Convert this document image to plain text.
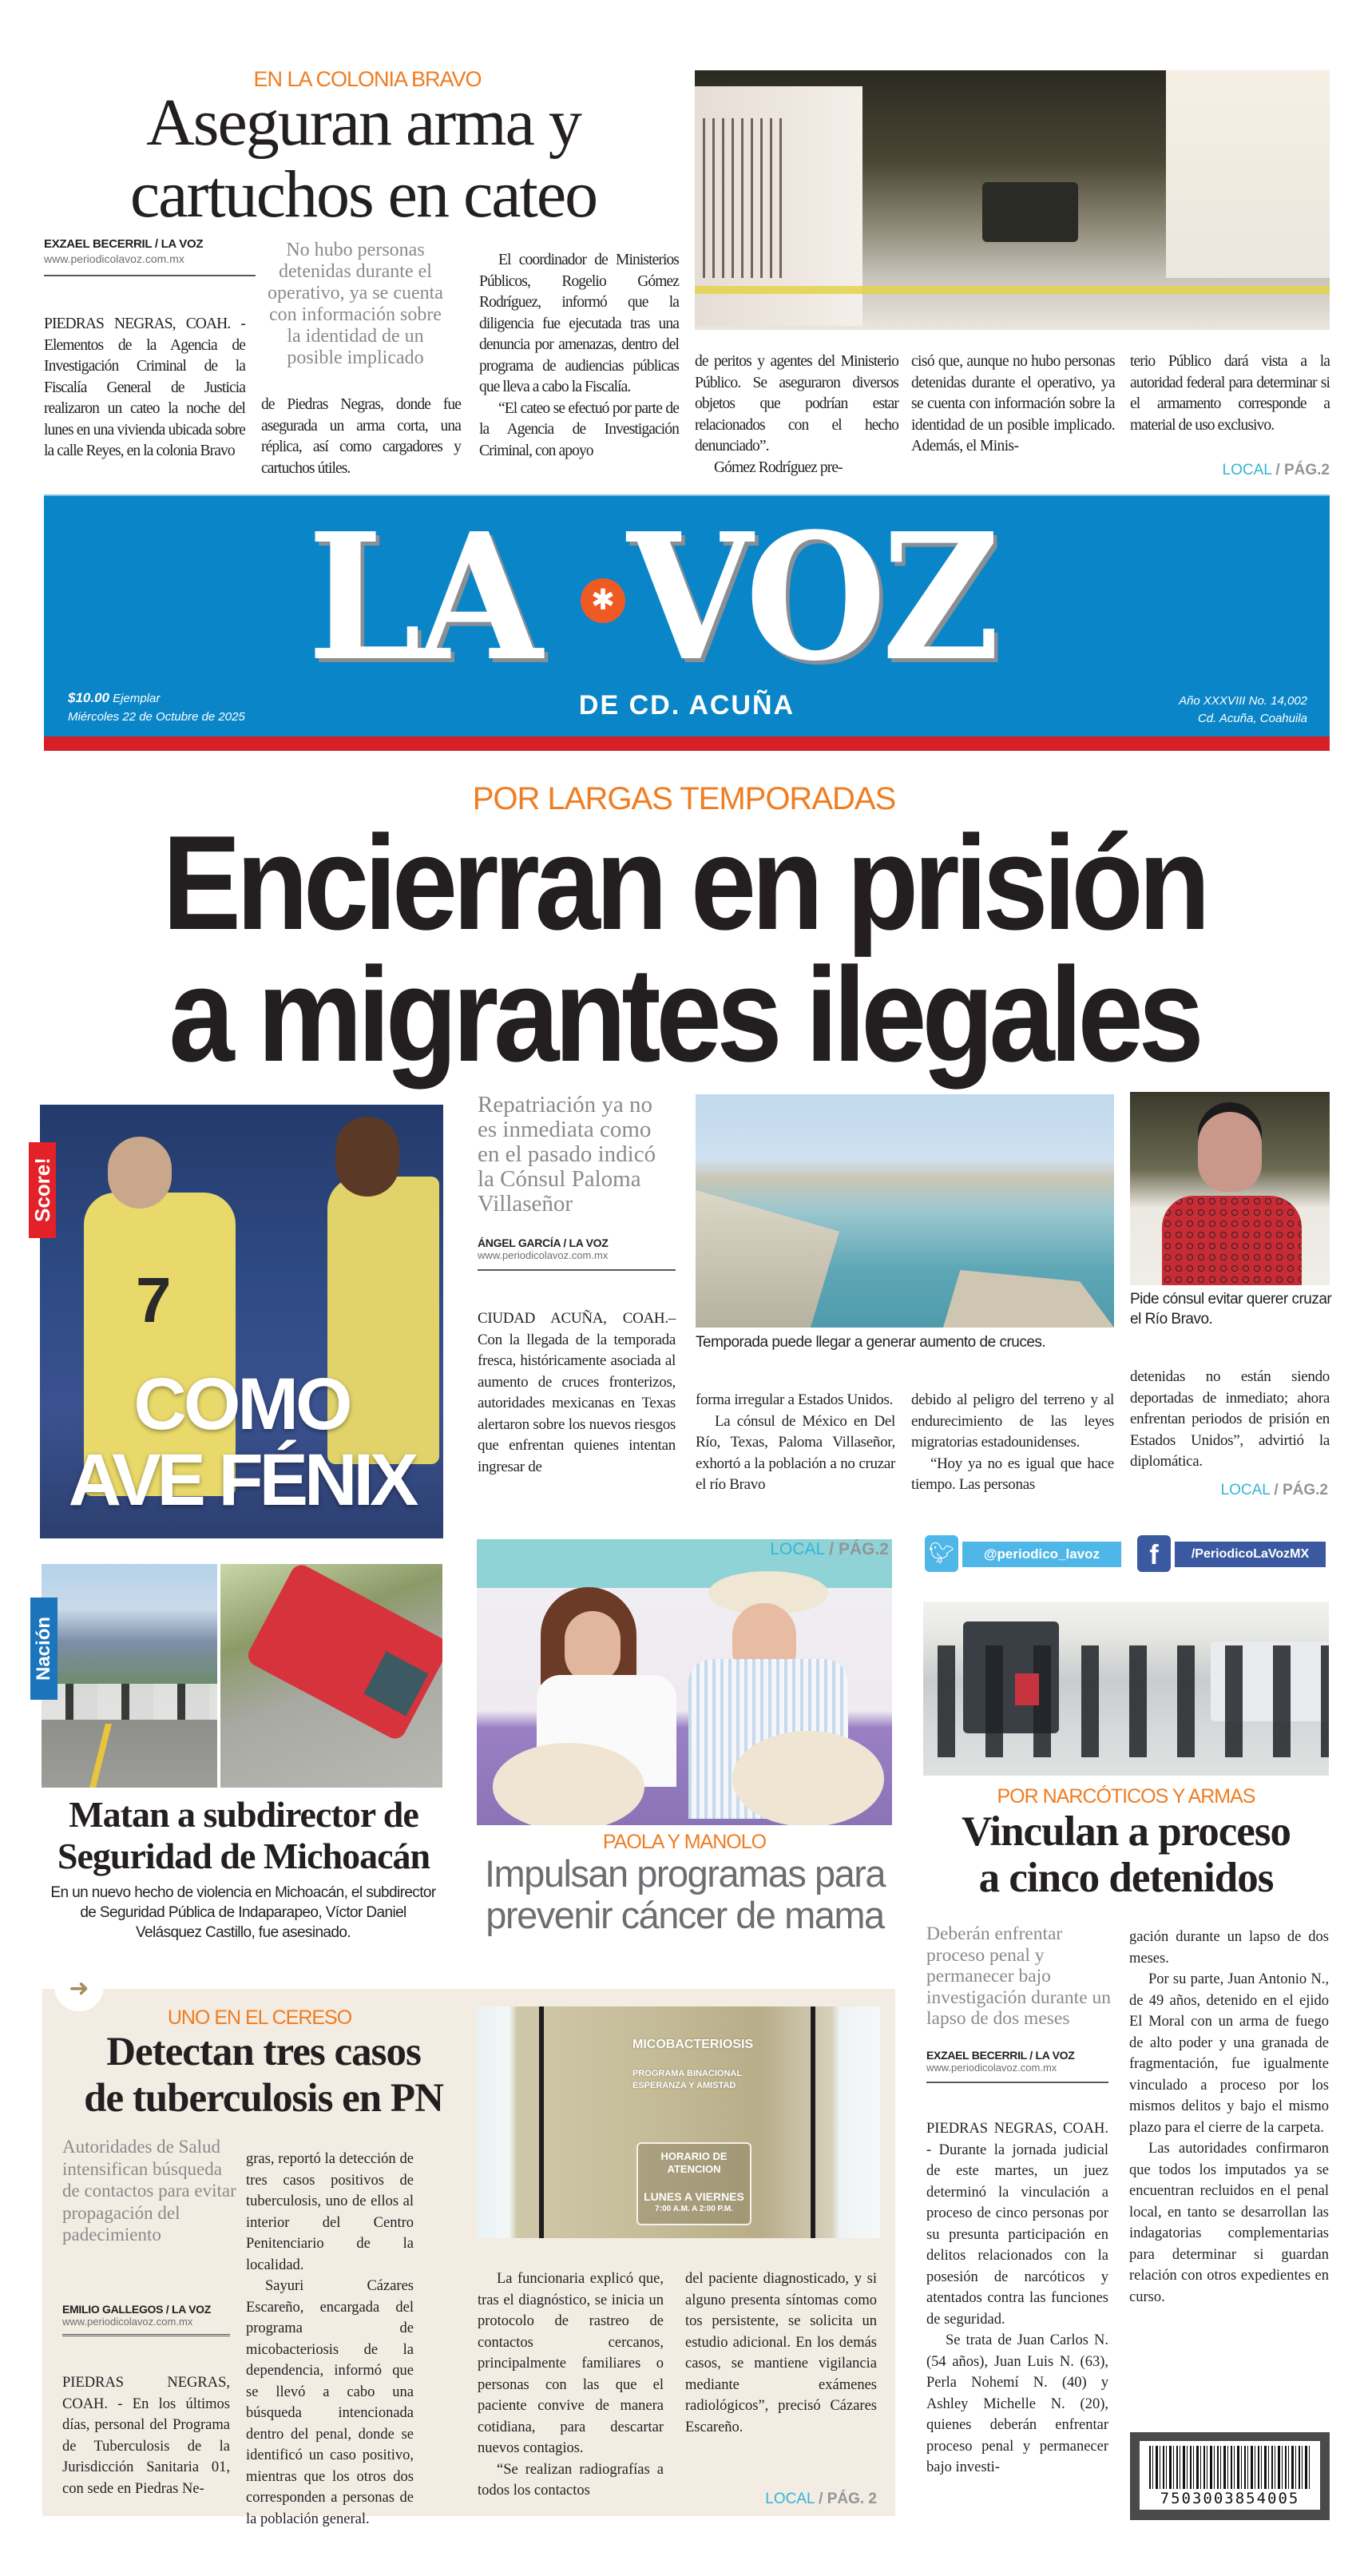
EN LA COLONIA BRAVO
Aseguran arma y
cartuchos en cateo
EXZAEL BECERRIL / LA VOZ
www.periodicolavoz.com.mx	No hubo personas detenidas durante el operativo, ya se cuenta con información sobre la identidad de un posible implicado
PIEDRAS NEGRAS, COAH. - Elementos de la Agencia de Investigación Criminal de la Fiscalía General de Justicia realizaron un cateo la noche del lunes en una vivienda ubicada sobre la calle Reyes, en la colonia Bravo
de Piedras Negras, donde fue asegurada un arma corta, una réplica, así como cargadores y cartuchos útiles.
El coordinador de Ministerios Públicos, Rogelio Gómez Rodríguez, informó que la diligencia fue ejecutada tras una denuncia por amenazas, dentro del programa de audiencias públicas que lleva a cabo la Fiscalía.
“El cateo se efectuó por parte de la Agencia de Investigación Criminal, con apoyo
de peritos y agentes del Ministerio Público. Se aseguraron diversos objetos que podrían estar relacionados con el hecho denunciado”.
Gómez Rodríguez pre-
cisó que, aunque no hubo personas detenidas durante el operativo, ya se cuenta con información sobre la identidad de un posible implicado. Además, el Minis-
terio Público dará vista a la autoridad federal para determinar si el armamento corresponde a material de uso exclusivo.
LOCAL / PÁG.2
LA	✱ VOZ
DE CD. ACUÑA
$10.00 Ejemplar
Miércoles 22 de Octubre de 2025
Año XXXVIII No. 14,002
Cd. Acuña, Coahuila
POR LARGAS TEMPORADAS
Encierran en prisión
a migrantes ilegales
7
COMO
AVE FÉNIX
Score!
Repatriación ya no es inmediata como en el pasado indicó la Cónsul Paloma Villaseñor
ÁNGEL GARCÍA / LA VOZ
www.periodicolavoz.com.mx
CIUDAD ACUÑA, COAH.– Con la llegada de la temporada fresca, históricamente asociada al aumento de cruces fronterizos, autoridades mexicanas en Texas alertaron sobre los nuevos riesgos que enfrentan quienes intentan ingresar de
Temporada puede llegar a generar aumento de cruces.
Pide cónsul evitar querer cruzar el Río Bravo.
forma irregular a Estados Unidos.
La cónsul de México en Del Río, Texas, Paloma Villaseñor, exhortó a la población a no cruzar el río Bravo
debido al peligro del terreno y al endurecimiento de las leyes migratorias estadounidenses.
“Hoy ya no es igual que hace tiempo. Las personas
detenidas no están siendo deportadas de inmediato; ahora enfrentan periodos de prisión en Estados Unidos”, advirtió la diplomática.
LOCAL / PÁG.2
Nación
Matan a subdirector de
Seguridad de Michoacán
En un nuevo hecho de violencia en Michoacán, el subdirector de Seguridad Pública de Indaparapeo, Víctor Daniel Velásquez Castillo, fue asesinado.
LOCAL / PÁG.2
PAOLA Y MANOLO
Impulsan programas para
prevenir cáncer de mama
🐦︎	@periodico_lavoz	f	/PeriodicoLaVozMX
POR NARCÓTICOS Y ARMAS
Vinculan a proceso
a cinco detenidos
Deberán enfrentar proceso penal y permanecer bajo investigación durante un lapso de dos meses
EXZAEL BECERRIL / LA VOZ
www.periodicolavoz.com.mx
PIEDRAS NEGRAS, COAH. - Durante la jornada judicial de este martes, un juez determinó la vinculación a proceso de cinco personas por su presunta participación en delitos relacionados con la posesión de narcóticos y atentados contra las funciones de seguridad.
Se trata de Juan Carlos N. (54 años), Juan Luis N. (63), Perla Nohemí N. (40) y Ashley Michelle N. (20), quienes deberán enfrentar proceso penal y permanecer bajo investi-
gación durante un lapso de dos meses.
Por su parte, Juan Antonio N., de 49 años, detenido en el ejido El Moral con un arma de fuego de alto poder y una granada de fragmentación, fue igualmente vinculado a proceso por los mismos delitos y bajo el mismo plazo para el cierre de la carpeta.
Las autoridades confirmaron que todos los imputados ya se encuentran recluidos en el penal local, en tanto se desarrollan las indagatorias complementarias para determinar si guardan relación con otros expedientes en curso.
7503003854005
➜
UNO EN EL CERESO
Detectan tres casos
de tuberculosis en PN
Autoridades de Salud intensifican búsqueda de contactos para evitar propagación del padecimiento
EMILIO GALLEGOS / LA VOZ
www.periodicolavoz.com.mx
PIEDRAS NEGRAS, COAH. - En los últimos días, personal del Programa de Tuberculosis de la Jurisdicción Sanitaria 01, con sede en Piedras Ne-
gras, reportó la detección de tres casos positivos de tuberculosis, uno de ellos al interior del Centro Penitenciario de la localidad.
Sayuri Cázares Escareño, encargada del programa de micobacteriosis de la dependencia, informó que se llevó a cabo una búsqueda intencionada dentro del penal, donde se identificó un caso positivo, mientras que los otros dos corresponden a personas de la población general.
MICOBACTERIOSIS
PROGRAMA BINACIONAL
ESPERANZA Y AMISTAD
HORARIO DE ATENCION
LUNES A VIERNES
7:00 A.M. A 2:00 P.M.
La funcionaria explicó que, tras el diagnóstico, se inicia un protocolo de rastreo de contactos cercanos, principalmente familiares o personas con las que el paciente convive de manera cotidiana, para descartar nuevos contagios.
“Se realizan radiografías a todos los contactos
del paciente diagnosticado, y si alguno presenta síntomas como tos persistente, se solicita un estudio adicional. En los demás casos, se mantiene vigilancia mediante exámenes radiológicos”, precisó Cázares Escareño.
LOCAL / PÁG. 2
